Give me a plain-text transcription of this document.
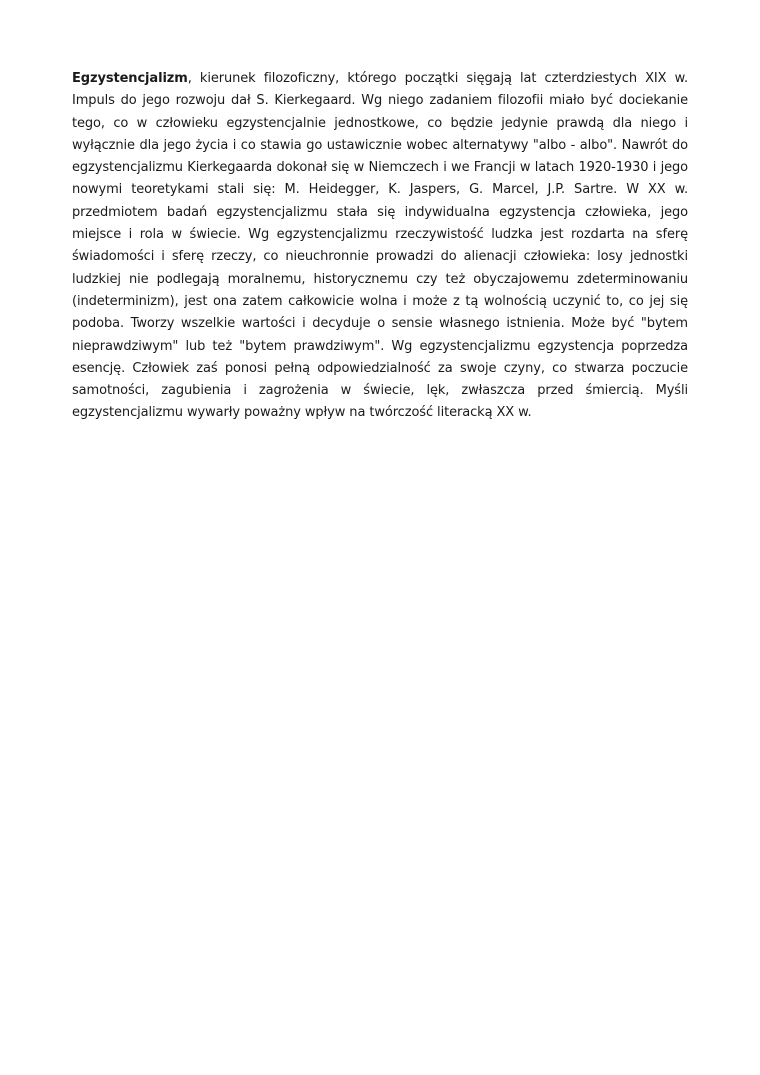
Egzystencjalizm, kierunek filozoficzny, którego początki sięgają lat czterdziestych XIX w. Impuls do jego rozwoju dał S. Kierkegaard. Wg niego zadaniem filozofii miało być dociekanie tego, co w człowieku egzystencjalnie jednostkowe, co będzie jedynie prawdą dla niego i wyłącznie dla jego życia i co stawia go ustawicznie wobec alternatywy "albo - albo". Nawrót do egzystencjalizmu Kierkegaarda dokonał się w Niemczech i we Francji w latach 1920-1930 i jego nowymi teoretykami stali się: M. Heidegger, K. Jaspers, G. Marcel, J.P. Sartre. W XX w. przedmiotem badań egzystencjalizmu stała się indywidualna egzystencja człowieka, jego miejsce i rola w świecie. Wg egzystencjalizmu rzeczywistość ludzka jest rozdarta na sferę świadomości i sferę rzeczy, co nieuchronnie prowadzi do alienacji człowieka: losy jednostki ludzkiej nie podlegają moralnemu, historycznemu czy też obyczajowemu zdeterminowaniu (indeterminizm), jest ona zatem całkowicie wolna i może z tą wolnością uczynić to, co jej się podoba. Tworzy wszelkie wartości i decyduje o sensie własnego istnienia. Może być "bytem nieprawdziwym" lub też "bytem prawdziwym". Wg egzystencjalizmu egzystencja poprzedza esencję. Człowiek zaś ponosi pełną odpowiedzialność za swoje czyny, co stwarza poczucie samotności, zagubienia i zagrożenia w świecie, lęk, zwłaszcza przed śmiercią. Myśli egzystencjalizmu wywarły poważny wpływ na twórczość literacką XX w.
